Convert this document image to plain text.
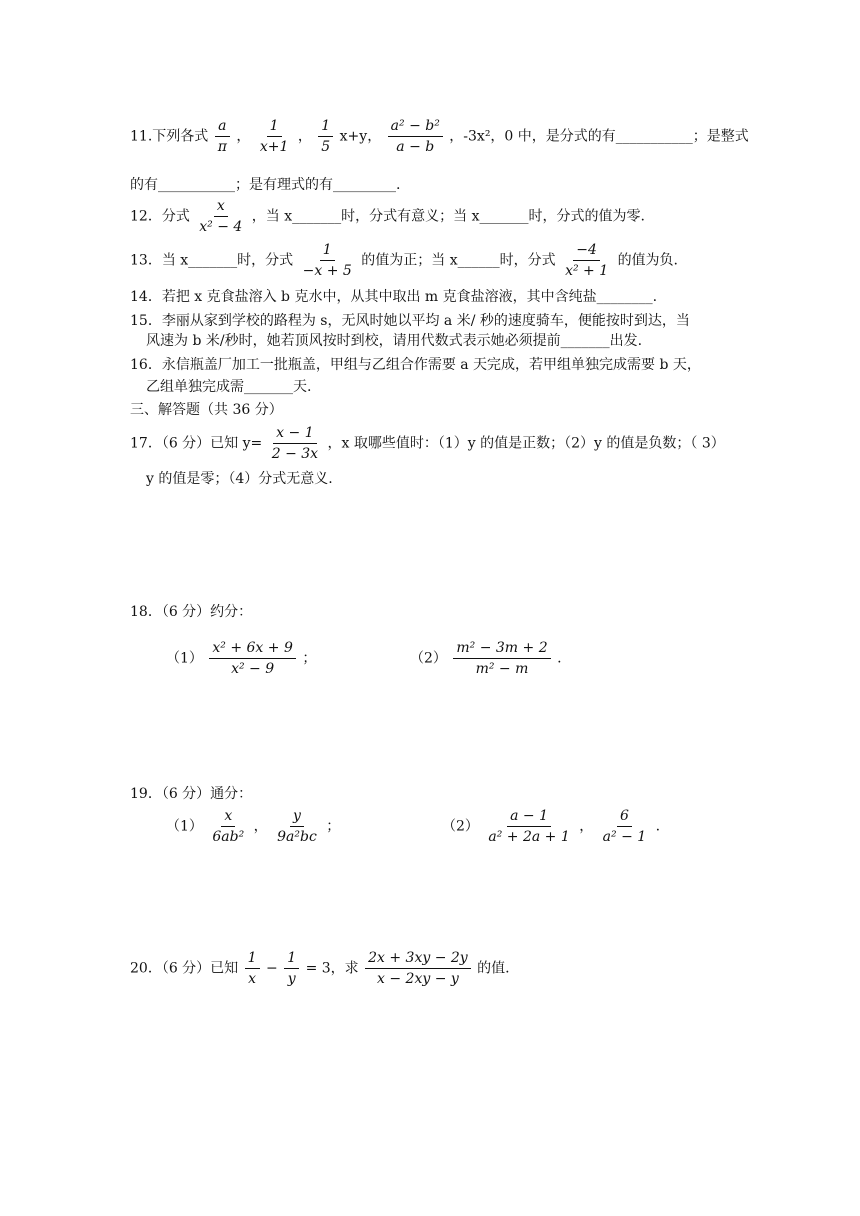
11.下列各式 $\frac{a}{\pi}$ ， $\frac{1}{x+1}$ ， $\frac{1}{5} x+y$， $\frac{\text{a² − b²}}{a - b}$ ，-3x²，0 中，是分式的有___________；是整式
的有___________；是有理式的有_________.
12．分式 $\frac{x}{\text{x² − 4}}$ ，当 x_______时，分式有意义；当 x_______时，分式的值为零.
13．当 x_______时，分式 $\frac{1}{-x + 5}$ 的值为正；当 x______时，分式 $\frac{-4}{\text{x² + 1}}$ 的值为负.
14．若把 x 克食盐溶入 b 克水中，从其中取出 m 克食盐溶液，其中含纯盐________.
15．李丽从家到学校的路程为 s，无风时她以平均 a 米/ 秒的速度骑车，便能按时到达，当
风速为 b 米/秒时，她若顶风按时到校，请用代数式表示她必须提前_______出发.
16．永信瓶盖厂加工一批瓶盖，甲组与乙组合作需要 a 天完成，若甲组单独完成需要 b 天，
乙组单独完成需_______天.
三、解答题（共 36 分）
17．（6 分）已知 $y= \frac{x - 1}{2 - 3x}$ ，x 取哪些值时：（1）y 的值是正数；（2）y 的值是负数；（ 3）
y 的值是零；（4）分式无意义.
18．（6 分）约分：
$(1) \frac{\text{x² + 6x + 9}}{\text{x² − 9}}$ ；	$(2) \frac{\text{m² − 3m + 2}}{\text{m² − m}}$ .
19．（6 分）通分：
$(1) \frac{x}{\text{6ab²}}$ ， $\frac{y}{\text{9a²bc}}$ ；	$(2) \frac{a - 1}{\text{a² + 2a + 1}}$ ， $\frac{6}{\text{a² − 1}}$ .
20．（6 分）已知 $\frac{1}{x} - \frac{1}{y} = 3$，求 $\frac{2x + 3xy - 2y}{x - 2xy - y}$ 的值.
